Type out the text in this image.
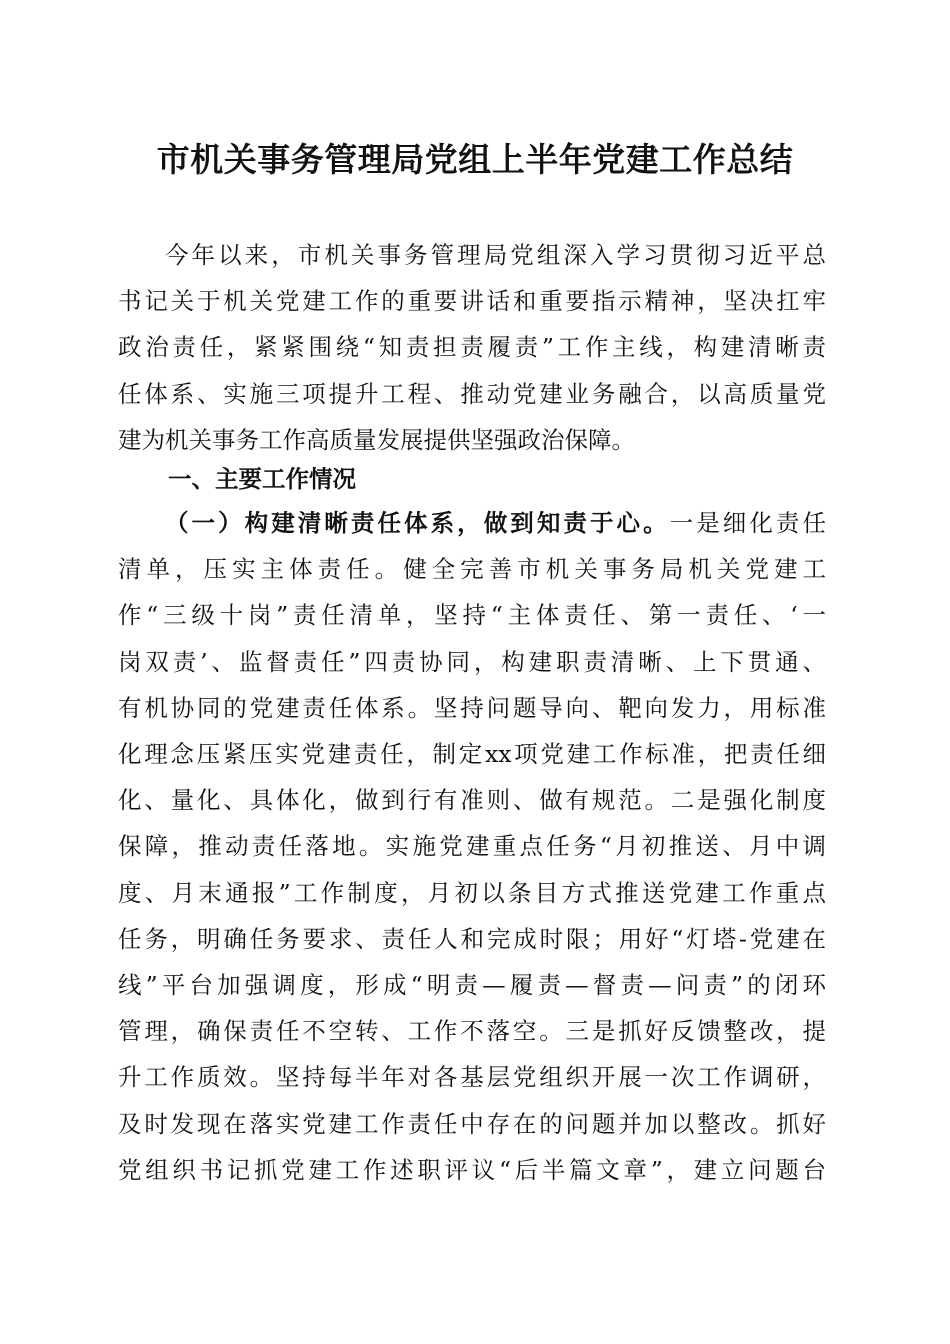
市机关事务管理局党组上半年党建工作总结
今年以来，市机关事务管理局党组深入学习贯彻习近平总
书记关于机关党建工作的重要讲话和重要指示精神，坚决扛牢
政治责任，紧紧围绕“知责担责履责”工作主线，构建清晰责
任体系、实施三项提升工程、推动党建业务融合，以高质量党
建为机关事务工作高质量发展提供坚强政治保障。
一、主要工作情况
（一）构建清晰责任体系，做到知责于心。一是细化责任
清单，压实主体责任。健全完善市机关事务局机关党建工
作“三级十岗”责任清单，坚持“主体责任、第一责任、‘一
岗双责’、监督责任”四责协同，构建职责清晰、上下贯通、
有机协同的党建责任体系。坚持问题导向、靶向发力，用标准
化理念压紧压实党建责任，制定xx项党建工作标准，把责任细
化、量化、具体化，做到行有准则、做有规范。二是强化制度
保障，推动责任落地。实施党建重点任务“月初推送、月中调
度、月末通报”工作制度，月初以条目方式推送党建工作重点
任务，明确任务要求、责任人和完成时限；用好“灯塔-党建在
线”平台加强调度，形成“明责—履责—督责—问责”的闭环
管理，确保责任不空转、工作不落空。三是抓好反馈整改，提
升工作质效。坚持每半年对各基层党组织开展一次工作调研，
及时发现在落实党建工作责任中存在的问题并加以整改。抓好
党组织书记抓党建工作述职评议“后半篇文章”，建立问题台
